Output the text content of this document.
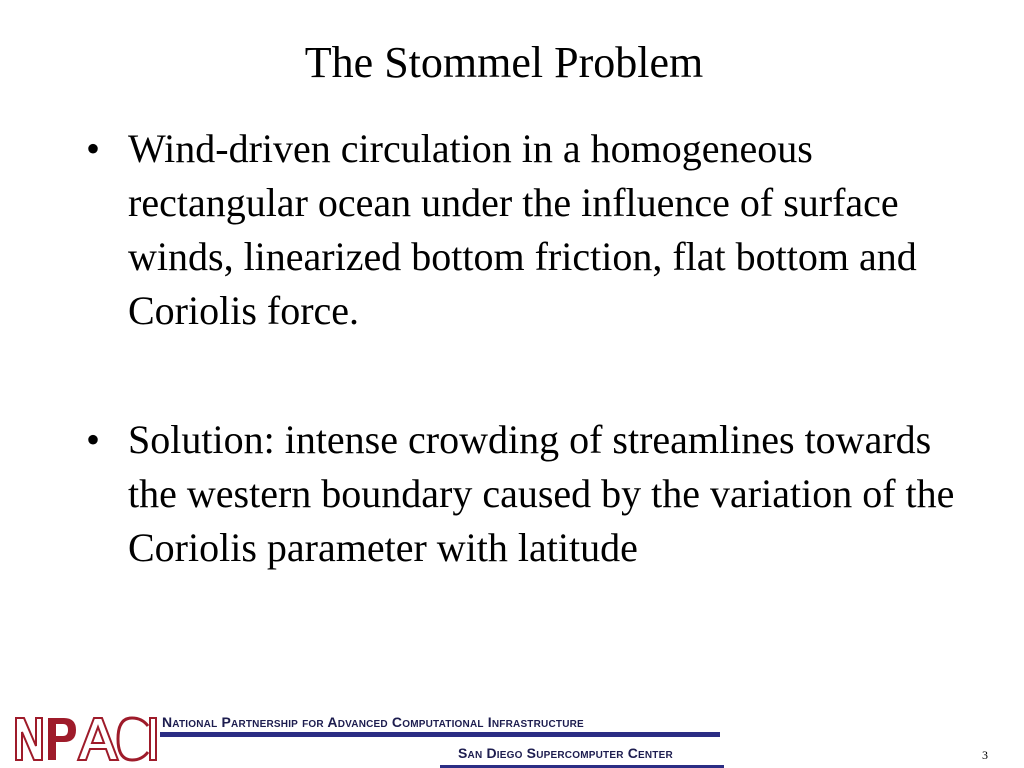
The Stommel Problem
• Wind-driven circulation in a homogeneous rectangular ocean under the influence of surface winds, linearized bottom friction, flat bottom and Coriolis force.
• Solution: intense crowding of streamlines towards the western boundary caused by the variation of the Coriolis parameter with latitude
National Partnership for Advanced Computational Infrastructure
San Diego Supercomputer Center	3
